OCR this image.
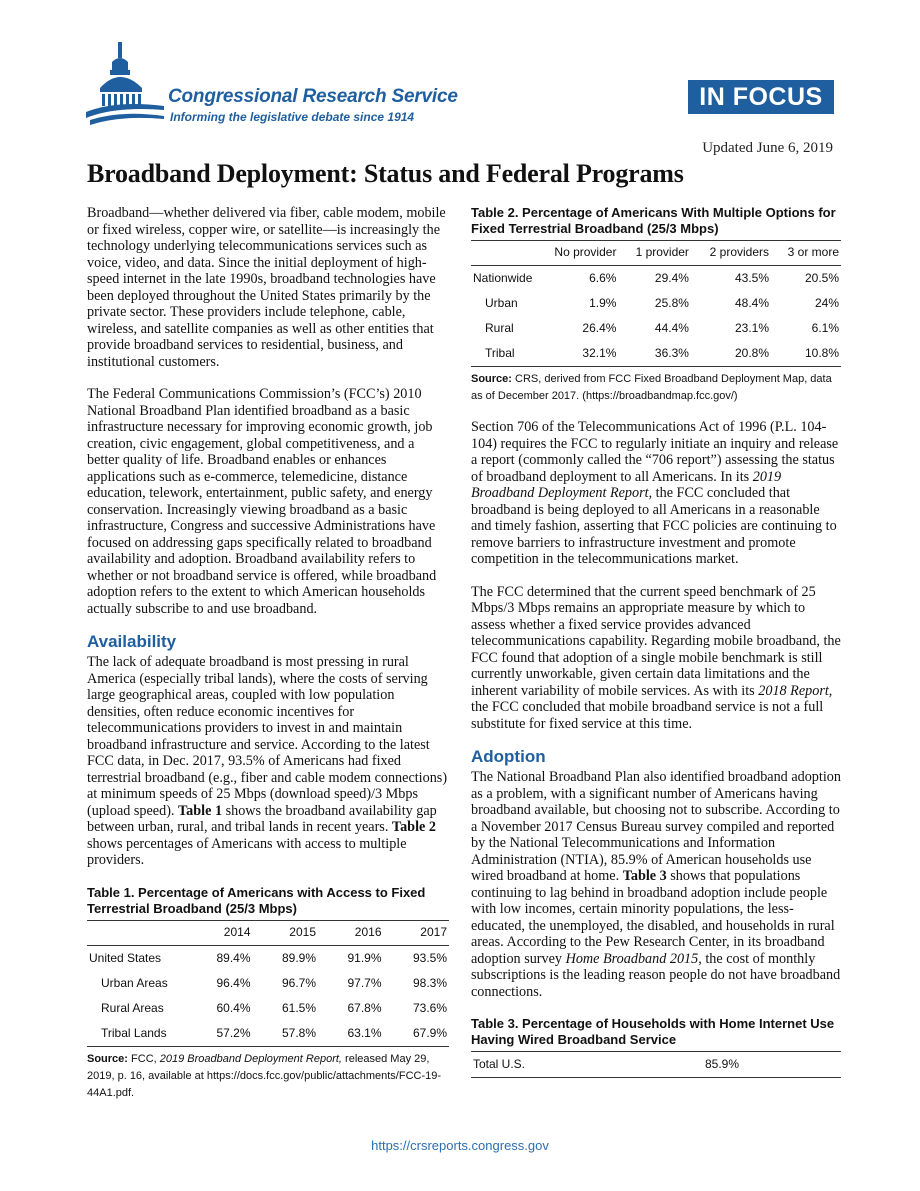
Congressional Research Service
Informing the legislative debate since 1914
IN FOCUS
Updated June 6, 2019
Broadband Deployment: Status and Federal Programs

Broadband—whether delivered via fiber, cable modem, mobile or fixed wireless, copper wire, or satellite—is increasingly the technology underlying telecommunications services such as voice, video, and data. Since the initial deployment of high-speed internet in the late 1990s, broadband technologies have been deployed throughout the United States primarily by the private sector. These providers include telephone, cable, wireless, and satellite companies as well as other entities that provide broadband services to residential, business, and institutional customers.

The Federal Communications Commission’s (FCC’s) 2010 National Broadband Plan identified broadband as a basic infrastructure necessary for improving economic growth, job creation, civic engagement, global competitiveness, and a better quality of life. Broadband enables or enhances applications such as e-commerce, telemedicine, distance education, telework, entertainment, public safety, and energy conservation. Increasingly viewing broadband as a basic infrastructure, Congress and successive Administrations have focused on addressing gaps specifically related to broadband availability and adoption. Broadband availability refers to whether or not broadband service is offered, while broadband adoption refers to the extent to which American households actually subscribe to and use broadband.

Availability

The lack of adequate broadband is most pressing in rural America (especially tribal lands), where the costs of serving large geographical areas, coupled with low population densities, often reduce economic incentives for telecommunications providers to invest in and maintain broadband infrastructure and service. According to the latest FCC data, in Dec. 2017, 93.5% of Americans had fixed terrestrial broadband (e.g., fiber and cable modem connections) at minimum speeds of 25 Mbps (download speed)/3 Mbps (upload speed). Table 1 shows the broadband availability gap between urban, rural, and tribal lands in recent years. Table 2 shows percentages of Americans with access to multiple providers.

Table 1. Percentage of Americans with Access to Fixed Terrestrial Broadband (25/3 Mbps)
	2014	2015	2016	2017
United States	89.4%	89.9%	91.9%	93.5%
Urban Areas	96.4%	96.7%	97.7%	98.3%
Rural Areas	60.4%	61.5%	67.8%	73.6%
Tribal Lands	57.2%	57.8%	63.1%	67.9%
Source: FCC, 2019 Broadband Deployment Report, released May 29, 2019, p. 16, available at https://docs.fcc.gov/public/attachments/FCC-19-44A1.pdf.
Table 2. Percentage of Americans With Multiple Options for Fixed Terrestrial Broadband (25/3 Mbps)
	No provider	1 provider	2 providers	3 or more
Nationwide	6.6%	29.4%	43.5%	20.5%
Urban	1.9%	25.8%	48.4%	24%
Rural	26.4%	44.4%	23.1%	6.1%
Tribal	32.1%	36.3%	20.8%	10.8%
Source: CRS, derived from FCC Fixed Broadband Deployment Map, data as of December 2017. (https://broadbandmap.fcc.gov/)

Section 706 of the Telecommunications Act of 1996 (P.L. 104-104) requires the FCC to regularly initiate an inquiry and release a report (commonly called the “706 report”) assessing the status of broadband deployment to all Americans. In its 2019 Broadband Deployment Report, the FCC concluded that broadband is being deployed to all Americans in a reasonable and timely fashion, asserting that FCC policies are continuing to remove barriers to infrastructure investment and promote competition in the telecommunications market.

The FCC determined that the current speed benchmark of 25 Mbps/3 Mbps remains an appropriate measure by which to assess whether a fixed service provides advanced telecommunications capability. Regarding mobile broadband, the FCC found that adoption of a single mobile benchmark is still currently unworkable, given certain data limitations and the inherent variability of mobile services. As with its 2018 Report, the FCC concluded that mobile broadband service is not a full substitute for fixed service at this time.

Adoption

The National Broadband Plan also identified broadband adoption as a problem, with a significant number of Americans having broadband available, but choosing not to subscribe. According to a November 2017 Census Bureau survey compiled and reported by the National Telecommunications and Information Administration (NTIA), 85.9% of American households use wired broadband at home. Table 3 shows that populations continuing to lag behind in broadband adoption include people with low incomes, certain minority populations, the less-educated, the unemployed, the disabled, and households in rural areas. According to the Pew Research Center, in its broadband adoption survey Home Broadband 2015, the cost of monthly subscriptions is the leading reason people do not have broadband connections.

Table 3. Percentage of Households with Home Internet Use Having Wired Broadband Service
Total U.S.	85.9%
https://crsreports.congress.gov
